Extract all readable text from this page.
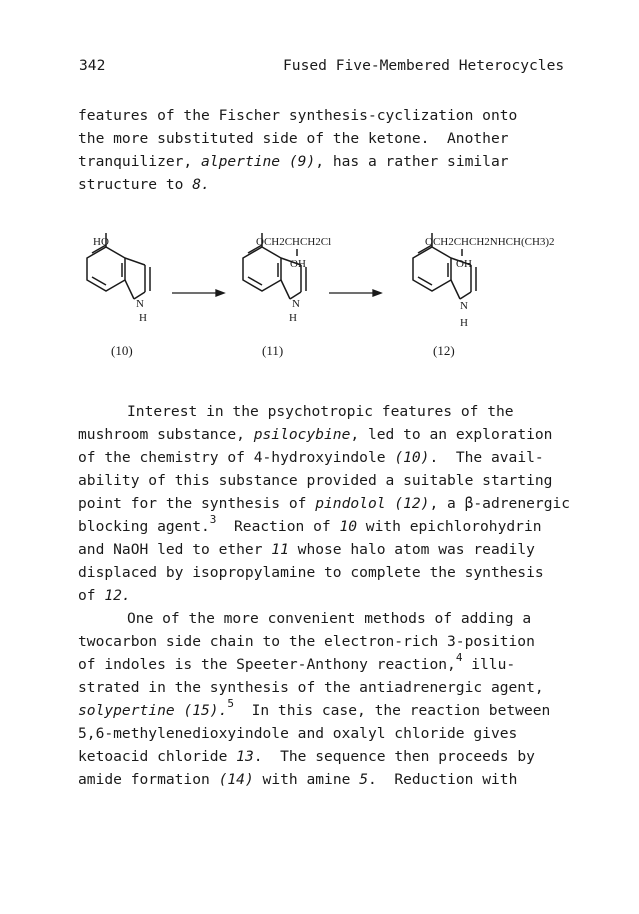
342	Fused Five-Membered Heterocycles
features of the Fischer synthesis-cyclization onto
the more substituted side of the ketone.  Another
tranquilizer, alpertine (9), has a rather similar
structure to 8.
HO
N
H
(10)
OCH2CHCH2Cl
OH
N
H
(11)
OCH2CHCH2NHCH(CH3)2
OH
N
H
(12)
Interest in the psychotropic features of the
mushroom substance, psilocybine, led to an exploration
of the chemistry of 4-hydroxyindole (10).  The avail-
ability of this substance provided a suitable starting
point for the synthesis of pindolol (12), a β-adrenergic
blocking agent.$^3$  Reaction of 10 with epichlorohydrin
and NaOH led to ether 11 whose halo atom was readily
displaced by isopropylamine to complete the synthesis
of 12.
One of the more convenient methods of adding a
twocarbon side chain to the electron-rich 3-position
of indoles is the Speeter-Anthony reaction,$^4$ illu-
strated in the synthesis of the antiadrenergic agent,
solypertine (15).$^5$  In this case, the reaction between
5,6-methylenedioxyindole and oxalyl chloride gives
ketoacid chloride 13.  The sequence then proceeds by
amide formation (14) with amine 5.  Reduction with
